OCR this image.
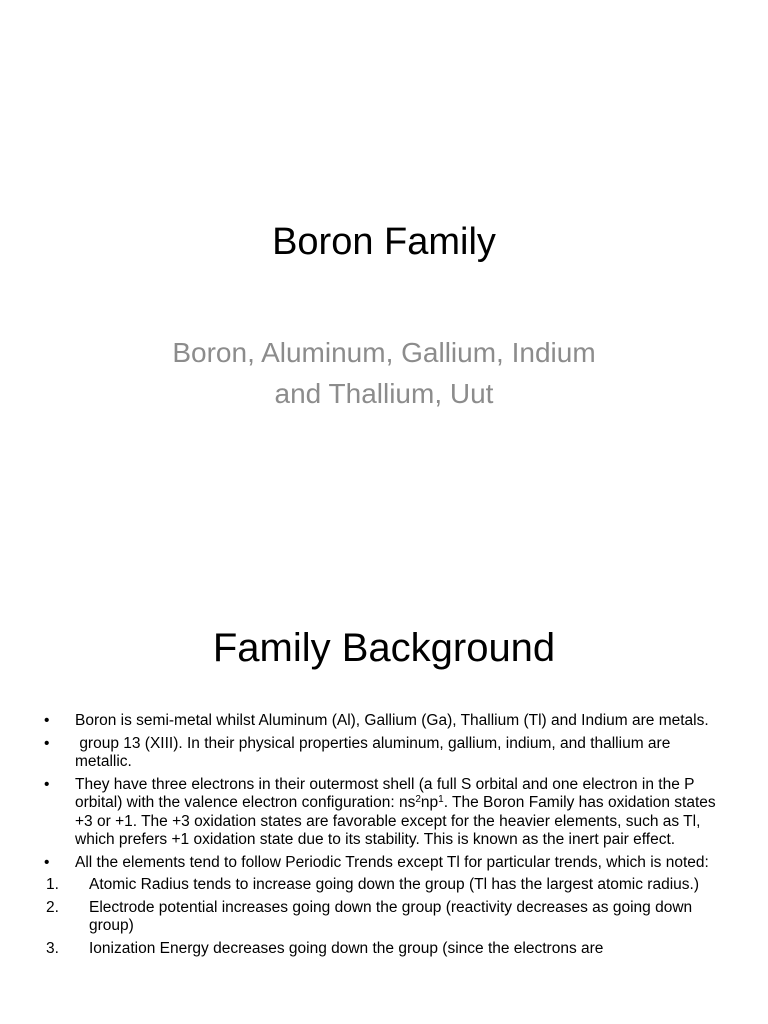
Boron Family
Boron, Aluminum, Gallium, Indium
and Thallium, Uut
Family Background
• Boron is semi-metal whilst Aluminum (Al), Gallium (Ga), Thallium (Tl) and Indium are metals.
• group 13 (XIII). In their physical properties aluminum, gallium, indium, and thallium are metallic.
• They have three electrons in their outermost shell (a full S orbital and one electron in the P orbital) with the valence electron configuration: $ns^2np^1$. The Boron Family has oxidation states +3 or +1. The +3 oxidation states are favorable except for the heavier elements, such as Tl, which prefers +1 oxidation state due to its stability. This is known as the inert pair effect.
• All the elements tend to follow Periodic Trends except Tl for particular trends, which is noted:
1. Atomic Radius tends to increase going down the group (Tl has the largest atomic radius.)
2. Electrode potential increases going down the group (reactivity decreases as going down group)
3. Ionization Energy decreases going down the group (since the electrons are
